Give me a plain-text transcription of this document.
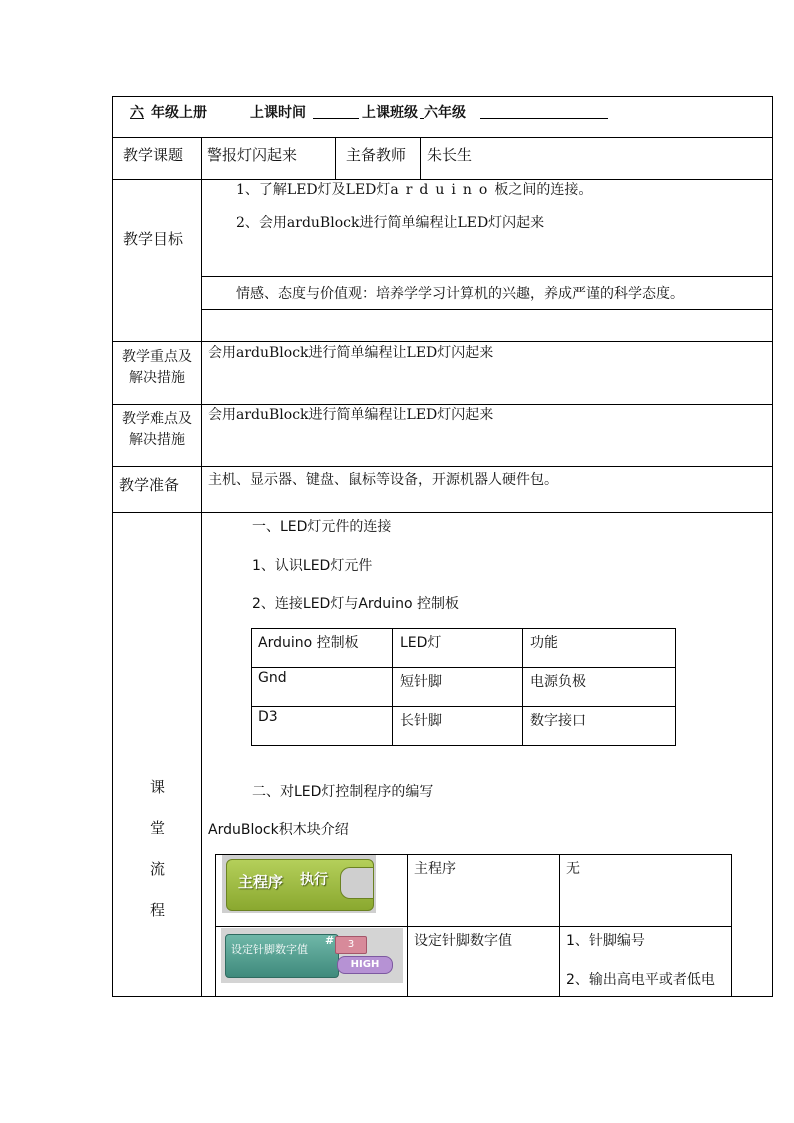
六 年级上册	上课时间	上课班级 六年级
教学课题 警报灯闪起来	主备教师 朱长生
教学目标
1、了解LED灯及LED灯arduino板之间的连接。
2、会用arduBlock进行简单编程让LED灯闪起来
情感、态度与价值观：培养学学习计算机的兴趣，养成严谨的科学态度。
教学重点及
解决措施
会用arduBlock进行简单编程让LED灯闪起来
教学难点及
解决措施
会用arduBlock进行简单编程让LED灯闪起来
教学准备 主机、显示器、键盘、鼠标等设备，开源机器人硬件包。
课
堂
流
程
一、LED灯元件的连接
1、认识LED灯元件
2、连接LED灯与Arduino 控制板
Arduino 控制板	LED灯	功能
Gnd	短针脚	电源负极
D3	长针脚	数字接口
二、对LED灯控制程序的编写
ArduBlock积木块介绍
主程序 执行
主程序	无
设定针脚数字值
#	3
HIGH
设定针脚数字值	1、针脚编号
2、输出高电平或者低电
